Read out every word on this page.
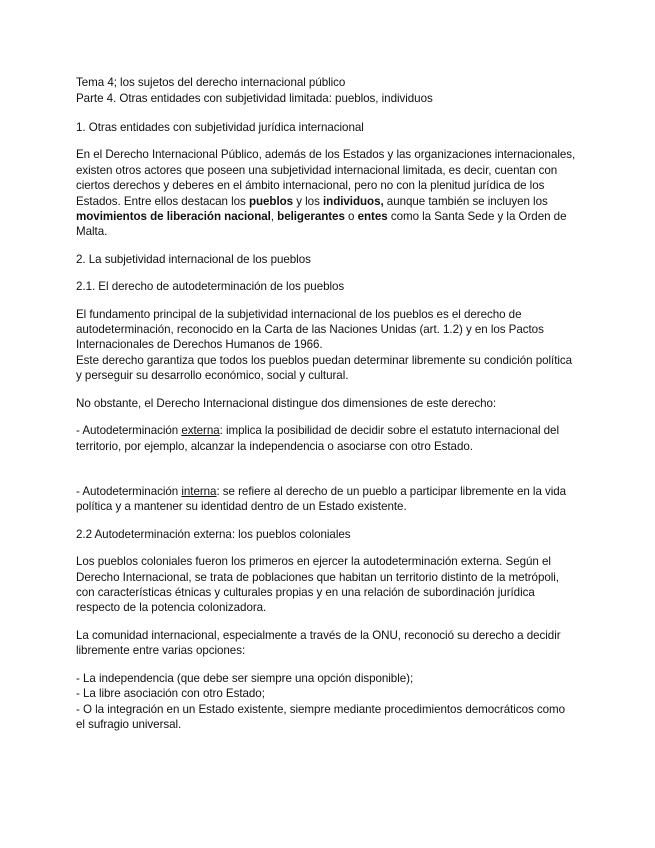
Tema 4; los sujetos del derecho internacional público

Parte 4. Otras entidades con subjetividad limitada: pueblos, individuos

1. Otras entidades con subjetividad jurídica internacional

En el Derecho Internacional Público, además de los Estados y las organizaciones internacionales, existen otros actores que poseen una subjetividad internacional limitada, es decir, cuentan con ciertos derechos y deberes en el ámbito internacional, pero no con la plenitud jurídica de los Estados. Entre ellos destacan los pueblos y los individuos, aunque también se incluyen los movimientos de liberación nacional, beligerantes o entes como la Santa Sede y la Orden de Malta.

2. La subjetividad internacional de los pueblos

2.1. El derecho de autodeterminación de los pueblos

El fundamento principal de la subjetividad internacional de los pueblos es el derecho de autodeterminación, reconocido en la Carta de las Naciones Unidas (art. 1.2) y en los Pactos Internacionales de Derechos Humanos de 1966.
Este derecho garantiza que todos los pueblos puedan determinar libremente su condición política y perseguir su desarrollo económico, social y cultural.

No obstante, el Derecho Internacional distingue dos dimensiones de este derecho:

- Autodeterminación externa: implica la posibilidad de decidir sobre el estatuto internacional del territorio, por ejemplo, alcanzar la independencia o asociarse con otro Estado.

- Autodeterminación interna: se refiere al derecho de un pueblo a participar libremente en la vida política y a mantener su identidad dentro de un Estado existente.

2.2 Autodeterminación externa: los pueblos coloniales

Los pueblos coloniales fueron los primeros en ejercer la autodeterminación externa. Según el Derecho Internacional, se trata de poblaciones que habitan un territorio distinto de la metrópoli, con características étnicas y culturales propias y en una relación de subordinación jurídica respecto de la potencia colonizadora.

La comunidad internacional, especialmente a través de la ONU, reconoció su derecho a decidir libremente entre varias opciones:

- La independencia (que debe ser siempre una opción disponible);

- La libre asociación con otro Estado;

- O la integración en un Estado existente, siempre mediante procedimientos democráticos como el sufragio universal.
